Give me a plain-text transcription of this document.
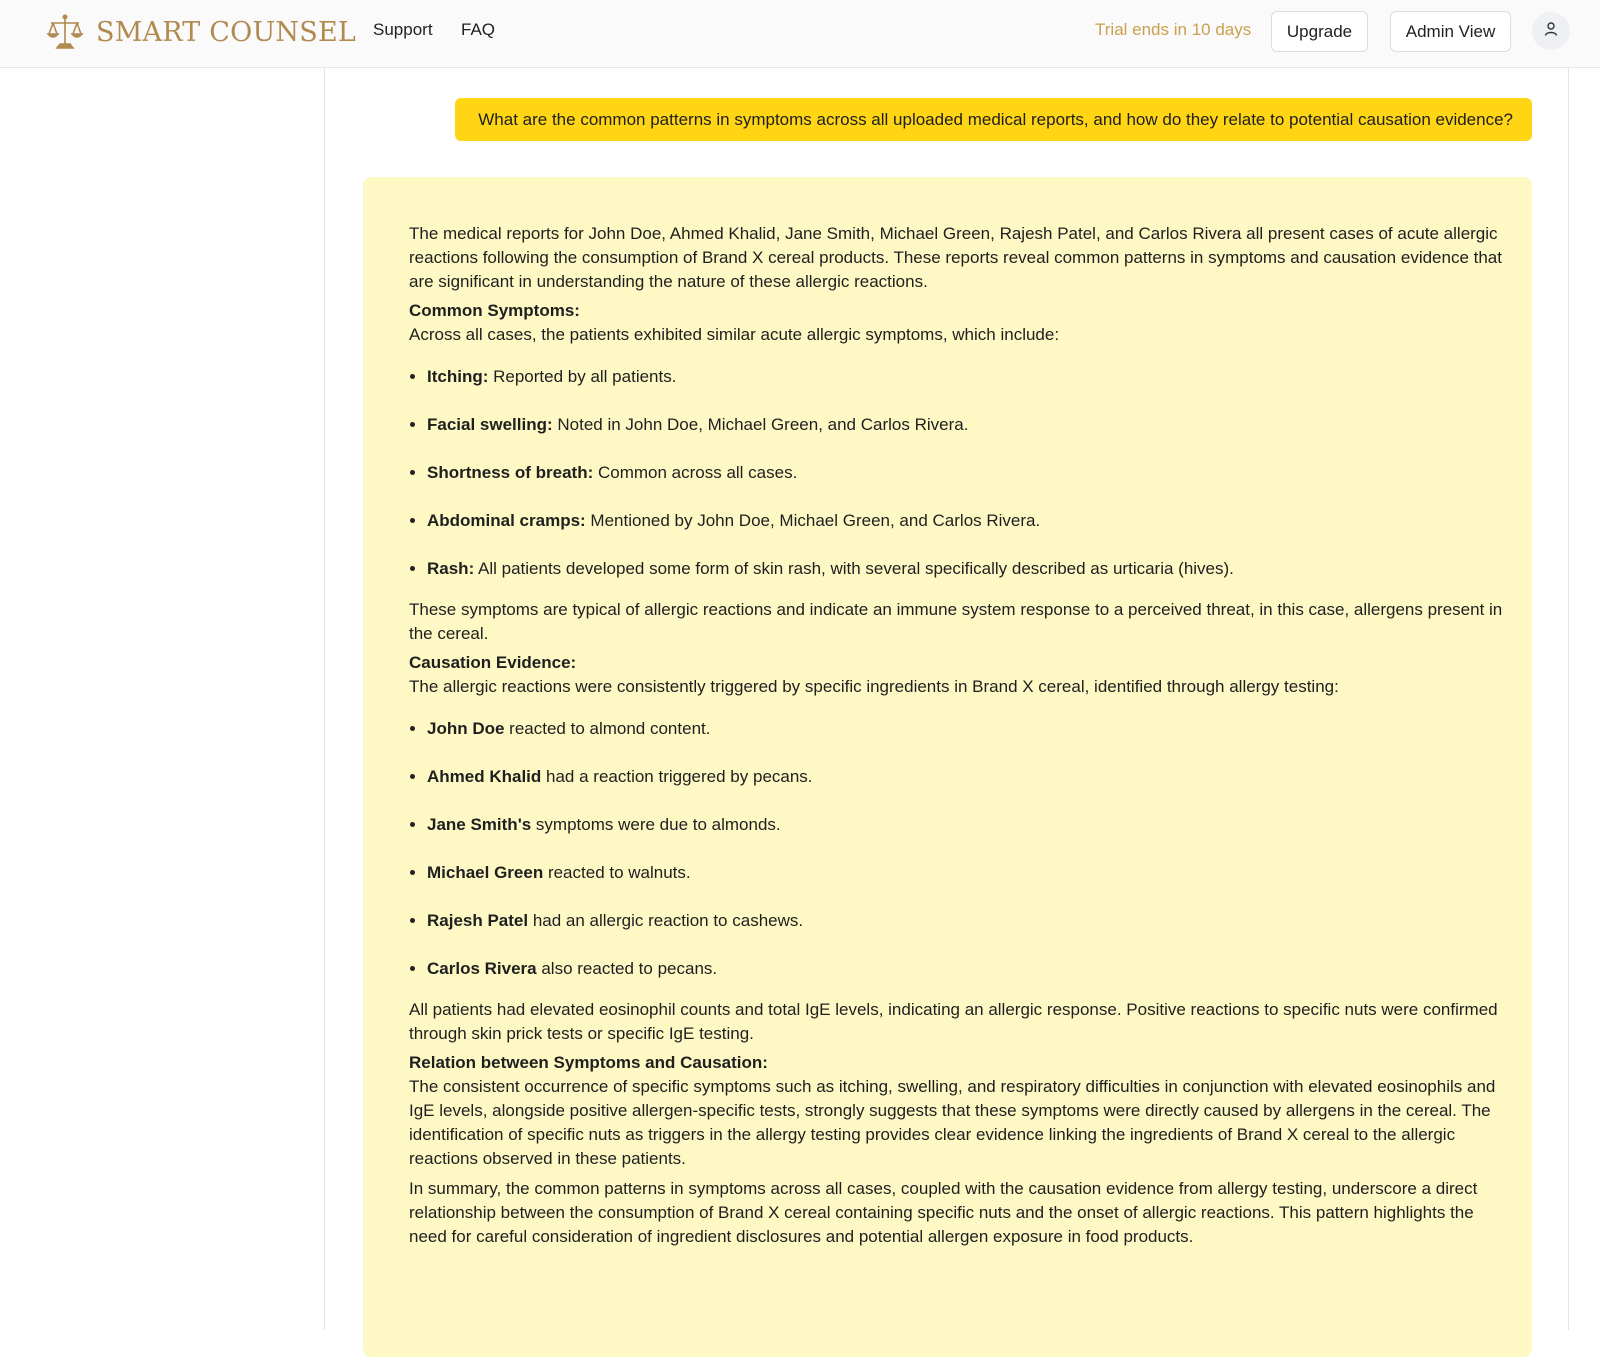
SMART COUNSEL Support FAQ	Trial ends in 10 days	Upgrade	Admin View
What are the common patterns in symptoms across all uploaded medical reports, and how do they relate to potential causation evidence?

The medical reports for John Doe, Ahmed Khalid, Jane Smith, Michael Green, Rajesh Patel, and Carlos Rivera all present cases of acute allergic reactions following the consumption of Brand X cereal products. These reports reveal common patterns in symptoms and causation evidence that are significant in understanding the nature of these allergic reactions.

Common Symptoms:

Across all cases, the patients exhibited similar acute allergic symptoms, which include:

• Itching: Reported by all patients.
• Facial swelling: Noted in John Doe, Michael Green, and Carlos Rivera.
• Shortness of breath: Common across all cases.
• Abdominal cramps: Mentioned by John Doe, Michael Green, and Carlos Rivera.
• Rash: All patients developed some form of skin rash, with several specifically described as urticaria (hives).

These symptoms are typical of allergic reactions and indicate an immune system response to a perceived threat, in this case, allergens present in the cereal.

Causation Evidence:

The allergic reactions were consistently triggered by specific ingredients in Brand X cereal, identified through allergy testing:

• John Doe reacted to almond content.
• Ahmed Khalid had a reaction triggered by pecans.
• Jane Smith's symptoms were due to almonds.
• Michael Green reacted to walnuts.
• Rajesh Patel had an allergic reaction to cashews.
• Carlos Rivera also reacted to pecans.

All patients had elevated eosinophil counts and total IgE levels, indicating an allergic response. Positive reactions to specific nuts were confirmed through skin prick tests or specific IgE testing.

Relation between Symptoms and Causation:

The consistent occurrence of specific symptoms such as itching, swelling, and respiratory difficulties in conjunction with elevated eosinophils and IgE levels, alongside positive allergen-specific tests, strongly suggests that these symptoms were directly caused by allergens in the cereal. The identification of specific nuts as triggers in the allergy testing provides clear evidence linking the ingredients of Brand X cereal to the allergic reactions observed in these patients.

In summary, the common patterns in symptoms across all cases, coupled with the causation evidence from allergy testing, underscore a direct relationship between the consumption of Brand X cereal containing specific nuts and the onset of allergic reactions. This pattern highlights the need for careful consideration of ingredient disclosures and potential allergen exposure in food products.
